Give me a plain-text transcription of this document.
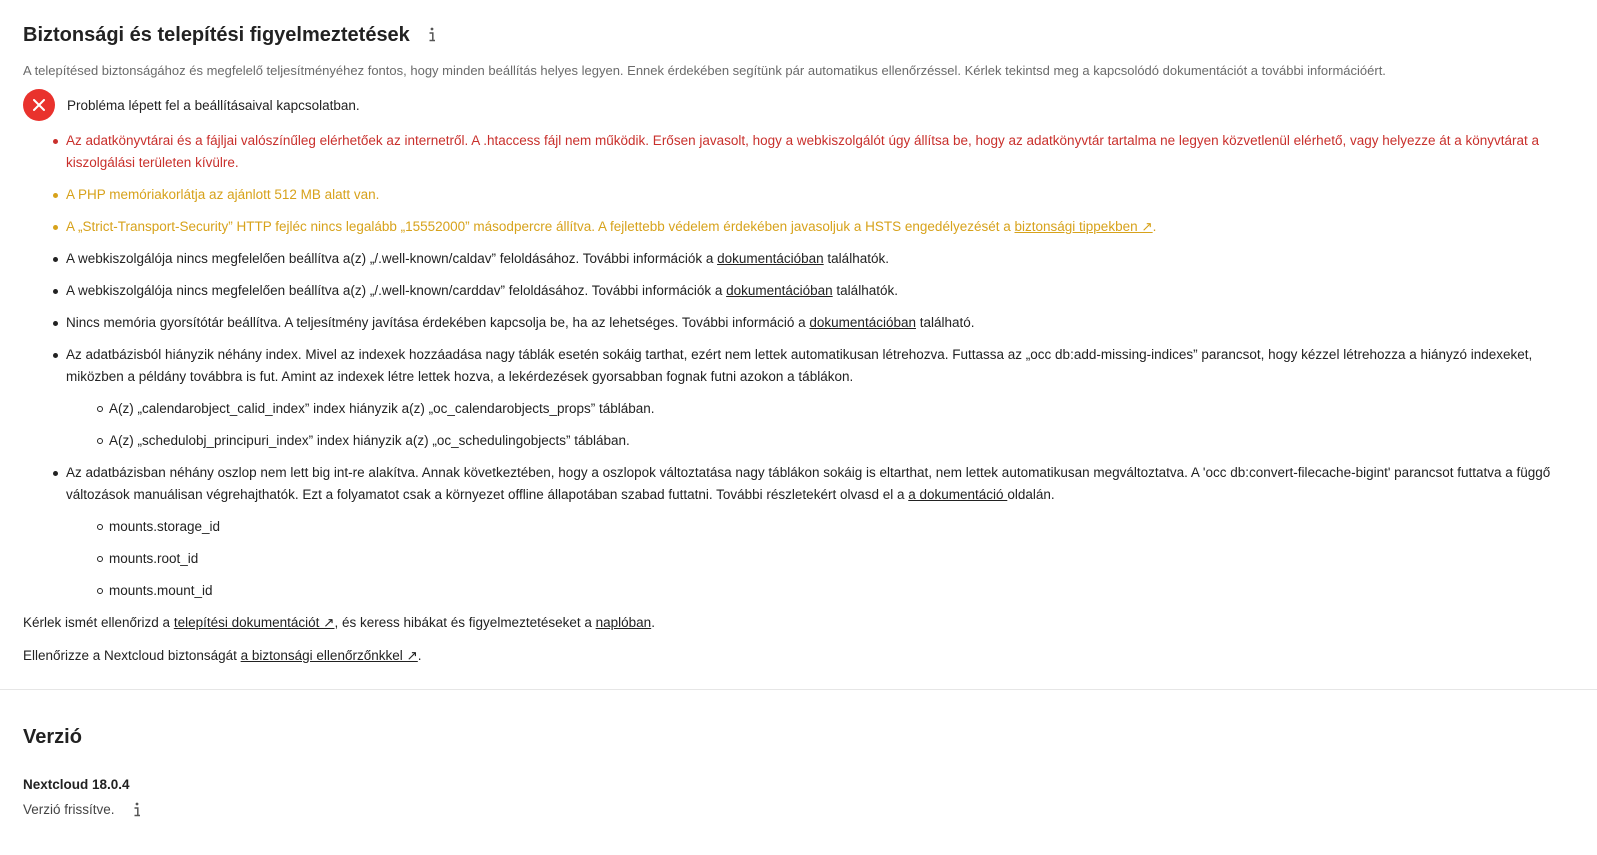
Biztonsági és telepítési figyelmeztetések

A telepítésed biztonságához és megfelelő teljesítményéhez fontos, hogy minden beállítás helyes legyen. Ennek érdekében segítünk pár automatikus ellenőrzéssel. Kérlek tekintsd meg a kapcsolódó dokumentációt a további információért.

Probléma lépett fel a beállításaival kapcsolatban.
Az adatkönyvtárai és a fájljai valószínűleg elérhetőek az internetről. A .htaccess fájl nem működik. Erősen javasolt, hogy a webkiszolgálót úgy állítsa be, hogy az adatkönyvtár tartalma ne legyen közvetlenül elérhető, vagy helyezze át a könyvtárat a kiszolgálási területen kívülre.
A PHP memóriakorlátja az ajánlott 512 MB alatt van.
A „Strict-Transport-Security” HTTP fejléc nincs legalább „15552000” másodpercre állítva. A fejlettebb védelem érdekében javasoljuk a HSTS engedélyezését a biztonsági tippekben ↗.
A webkiszolgálója nincs megfelelően beállítva a(z) „/.well-known/caldav” feloldásához. További információk a dokumentációban találhatók.
A webkiszolgálója nincs megfelelően beállítva a(z) „/.well-known/carddav” feloldásához. További információk a dokumentációban találhatók.
Nincs memória gyorsítótár beállítva. A teljesítmény javítása érdekében kapcsolja be, ha az lehetséges. További információ a dokumentációban található.
Az adatbázisból hiányzik néhány index. Mivel az indexek hozzáadása nagy táblák esetén sokáig tarthat, ezért nem lettek automatikusan létrehozva. Futtassa az „occ db:add-missing-indices” parancsot, hogy kézzel létrehozza a hiányzó indexeket, miközben a példány továbbra is fut. Amint az indexek létre lettek hozva, a lekérdezések gyorsabban fognak futni azokon a táblákon.
A(z) „calendarobject_calid_index” index hiányzik a(z) „oc_calendarobjects_props” táblában.
A(z) „schedulobj_principuri_index” index hiányzik a(z) „oc_schedulingobjects” táblában.
Az adatbázisban néhány oszlop nem lett big int-re alakítva. Annak következtében, hogy a oszlopok változtatása nagy táblákon sokáig is eltarthat, nem lettek automatikusan megváltoztatva. A 'occ db:convert-filecache-bigint' parancsot futtatva a függő változások manuálisan végrehajthatók. Ezt a folyamatot csak a környezet offline állapotában szabad futtatni. További részletekért olvasd el a a dokumentáció oldalán.
mounts.storage_id
mounts.root_id
mounts.mount_id

Kérlek ismét ellenőrizd a telepítési dokumentációt ↗, és keress hibákat és figyelmeztetéseket a naplóban.

Ellenőrizze a Nextcloud biztonságát a biztonsági ellenőrzőnkkel ↗.

Verzió
Nextcloud 18.0.4
Verzió frissítve.
